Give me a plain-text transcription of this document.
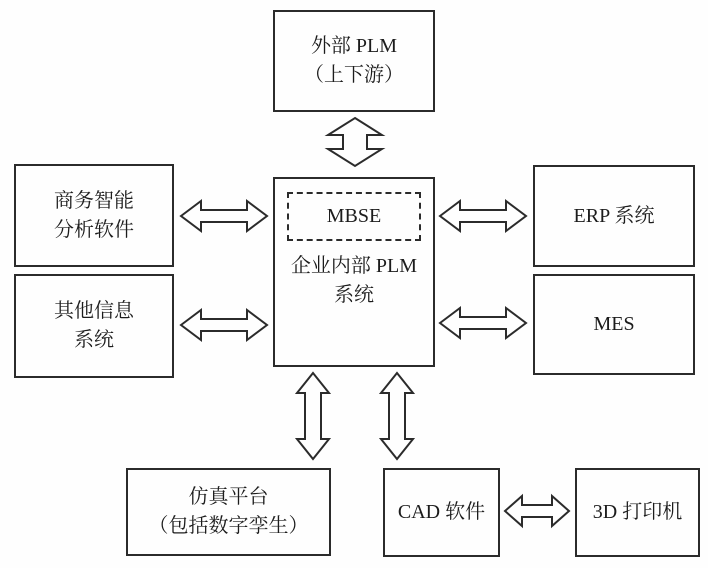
外部 PLM
（上下游）
MBSE
企业内部 PLM
系统
商务智能
分析软件
其他信息
系统
ERP 系统
MES
仿真平台
（包括数字孪生）
CAD 软件	3D 打印机
